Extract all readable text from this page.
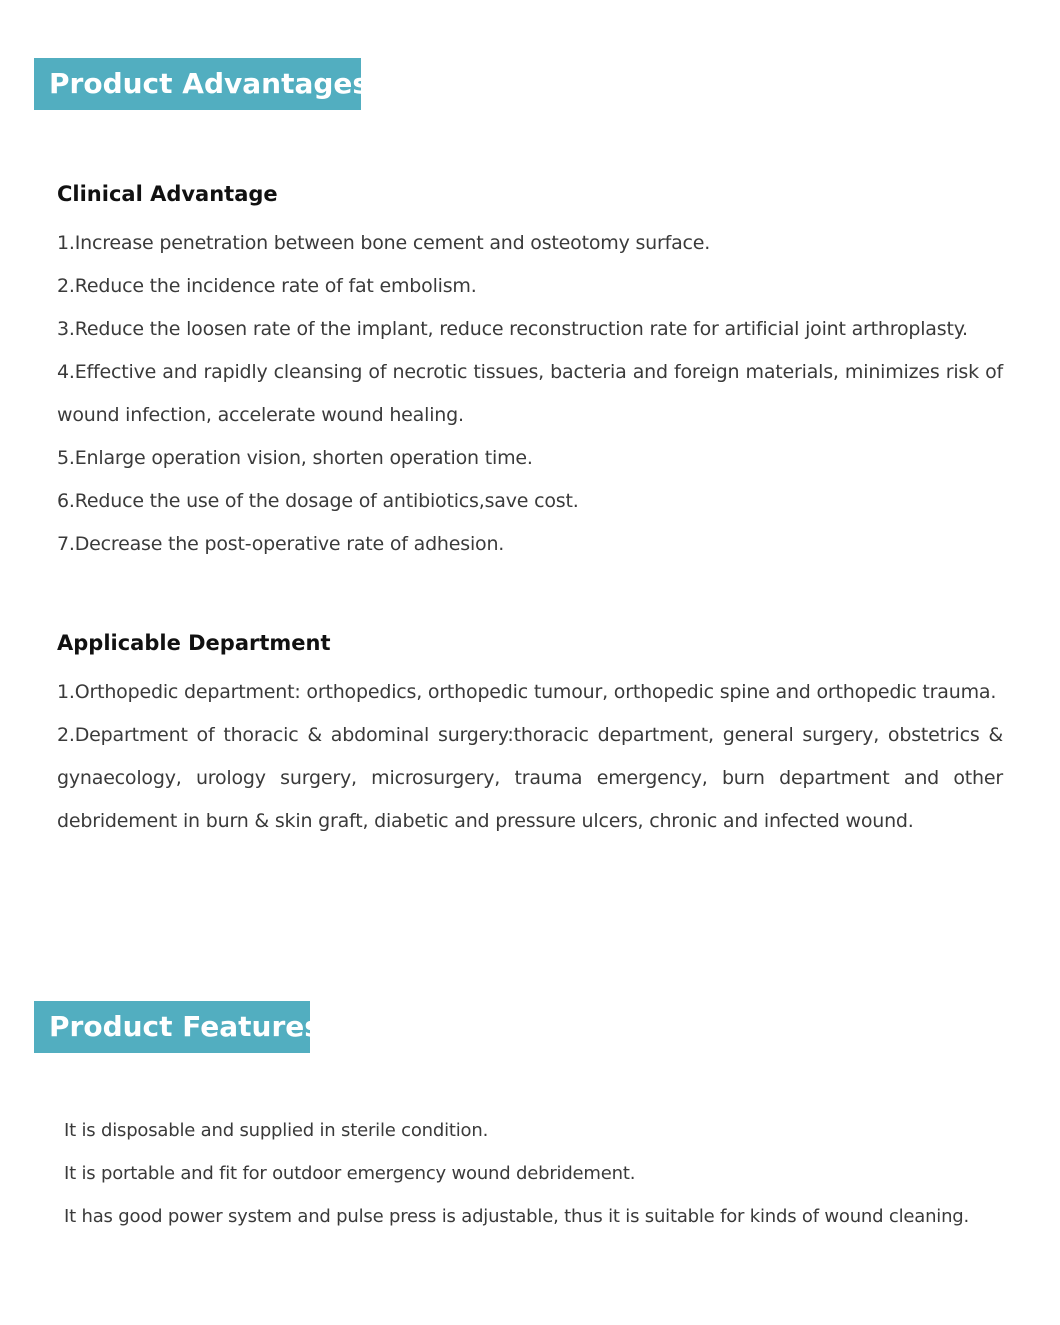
Product Advantages
Clinical Advantage
1.Increase penetration between bone cement and osteotomy surface.
2.Reduce the incidence rate of fat embolism.
3.Reduce the loosen rate of the implant, reduce reconstruction rate for artificial joint arthroplasty.
4.Effective and rapidly cleansing of necrotic tissues, bacteria and foreign materials, minimizes risk of wound infection, accelerate wound healing.
5.Enlarge operation vision, shorten operation time.
6.Reduce the use of the dosage of antibiotics,save cost.
7.Decrease the post-operative rate of adhesion.
Applicable Department
1.Orthopedic department: orthopedics, orthopedic tumour, orthopedic spine and orthopedic trauma.
2.Department of thoracic & abdominal surgery:thoracic department, general surgery, obstetrics & gynaecology, urology surgery, microsurgery, trauma emergency, burn department and other debridement in burn & skin graft, diabetic and pressure ulcers, chronic and infected wound.
Product Features
It is disposable and supplied in sterile condition.
It is portable and fit for outdoor emergency wound debridement.
It has good power system and pulse press is adjustable, thus it is suitable for kinds of wound cleaning.
